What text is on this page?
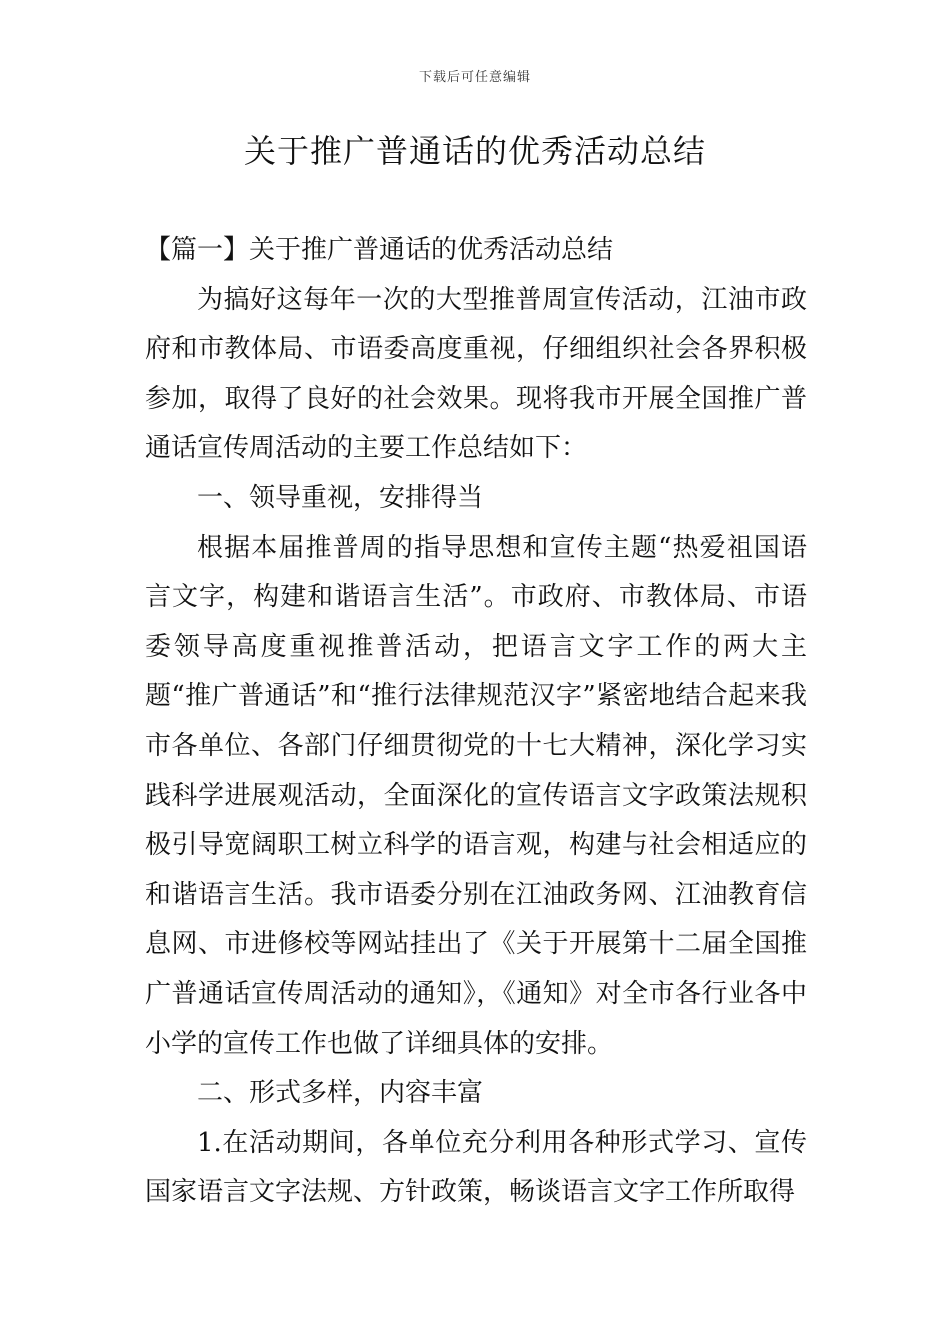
下载后可任意编辑
关于推广普通话的优秀活动总结

【篇一】关于推广普通话的优秀活动总结

为搞好这每年一次的大型推普周宣传活动，江油市政府和市教体局、市语委高度重视，仔细组织社会各界积极参加，取得了良好的社会效果。现将我市开展全国推广普通话宣传周活动的主要工作总结如下：

一、领导重视，安排得当

根据本届推普周的指导思想和宣传主题“热爱祖国语言文字，构建和谐语言生活”。市政府、市教体局、市语委领导高度重视推普活动，把语言文字工作的两大主题“推广普通话”和“推行法律规范汉字”紧密地结合起来我市各单位、各部门仔细贯彻党的十七大精神，深化学习实践科学进展观活动，全面深化的宣传语言文字政策法规积极引导宽阔职工树立科学的语言观，构建与社会相适应的和谐语言生活。我市语委分别在江油政务网、江油教育信息网、市进修校等网站挂出了《关于开展第十二届全国推广普通话宣传周活动的通知》，《通知》对全市各行业各中小学的宣传工作也做了详细具体的安排。

二、形式多样，内容丰富

1.在活动期间，各单位充分利用各种形式学习、宣传国家语言文字法规、方针政策，畅谈语言文字工作所取得
